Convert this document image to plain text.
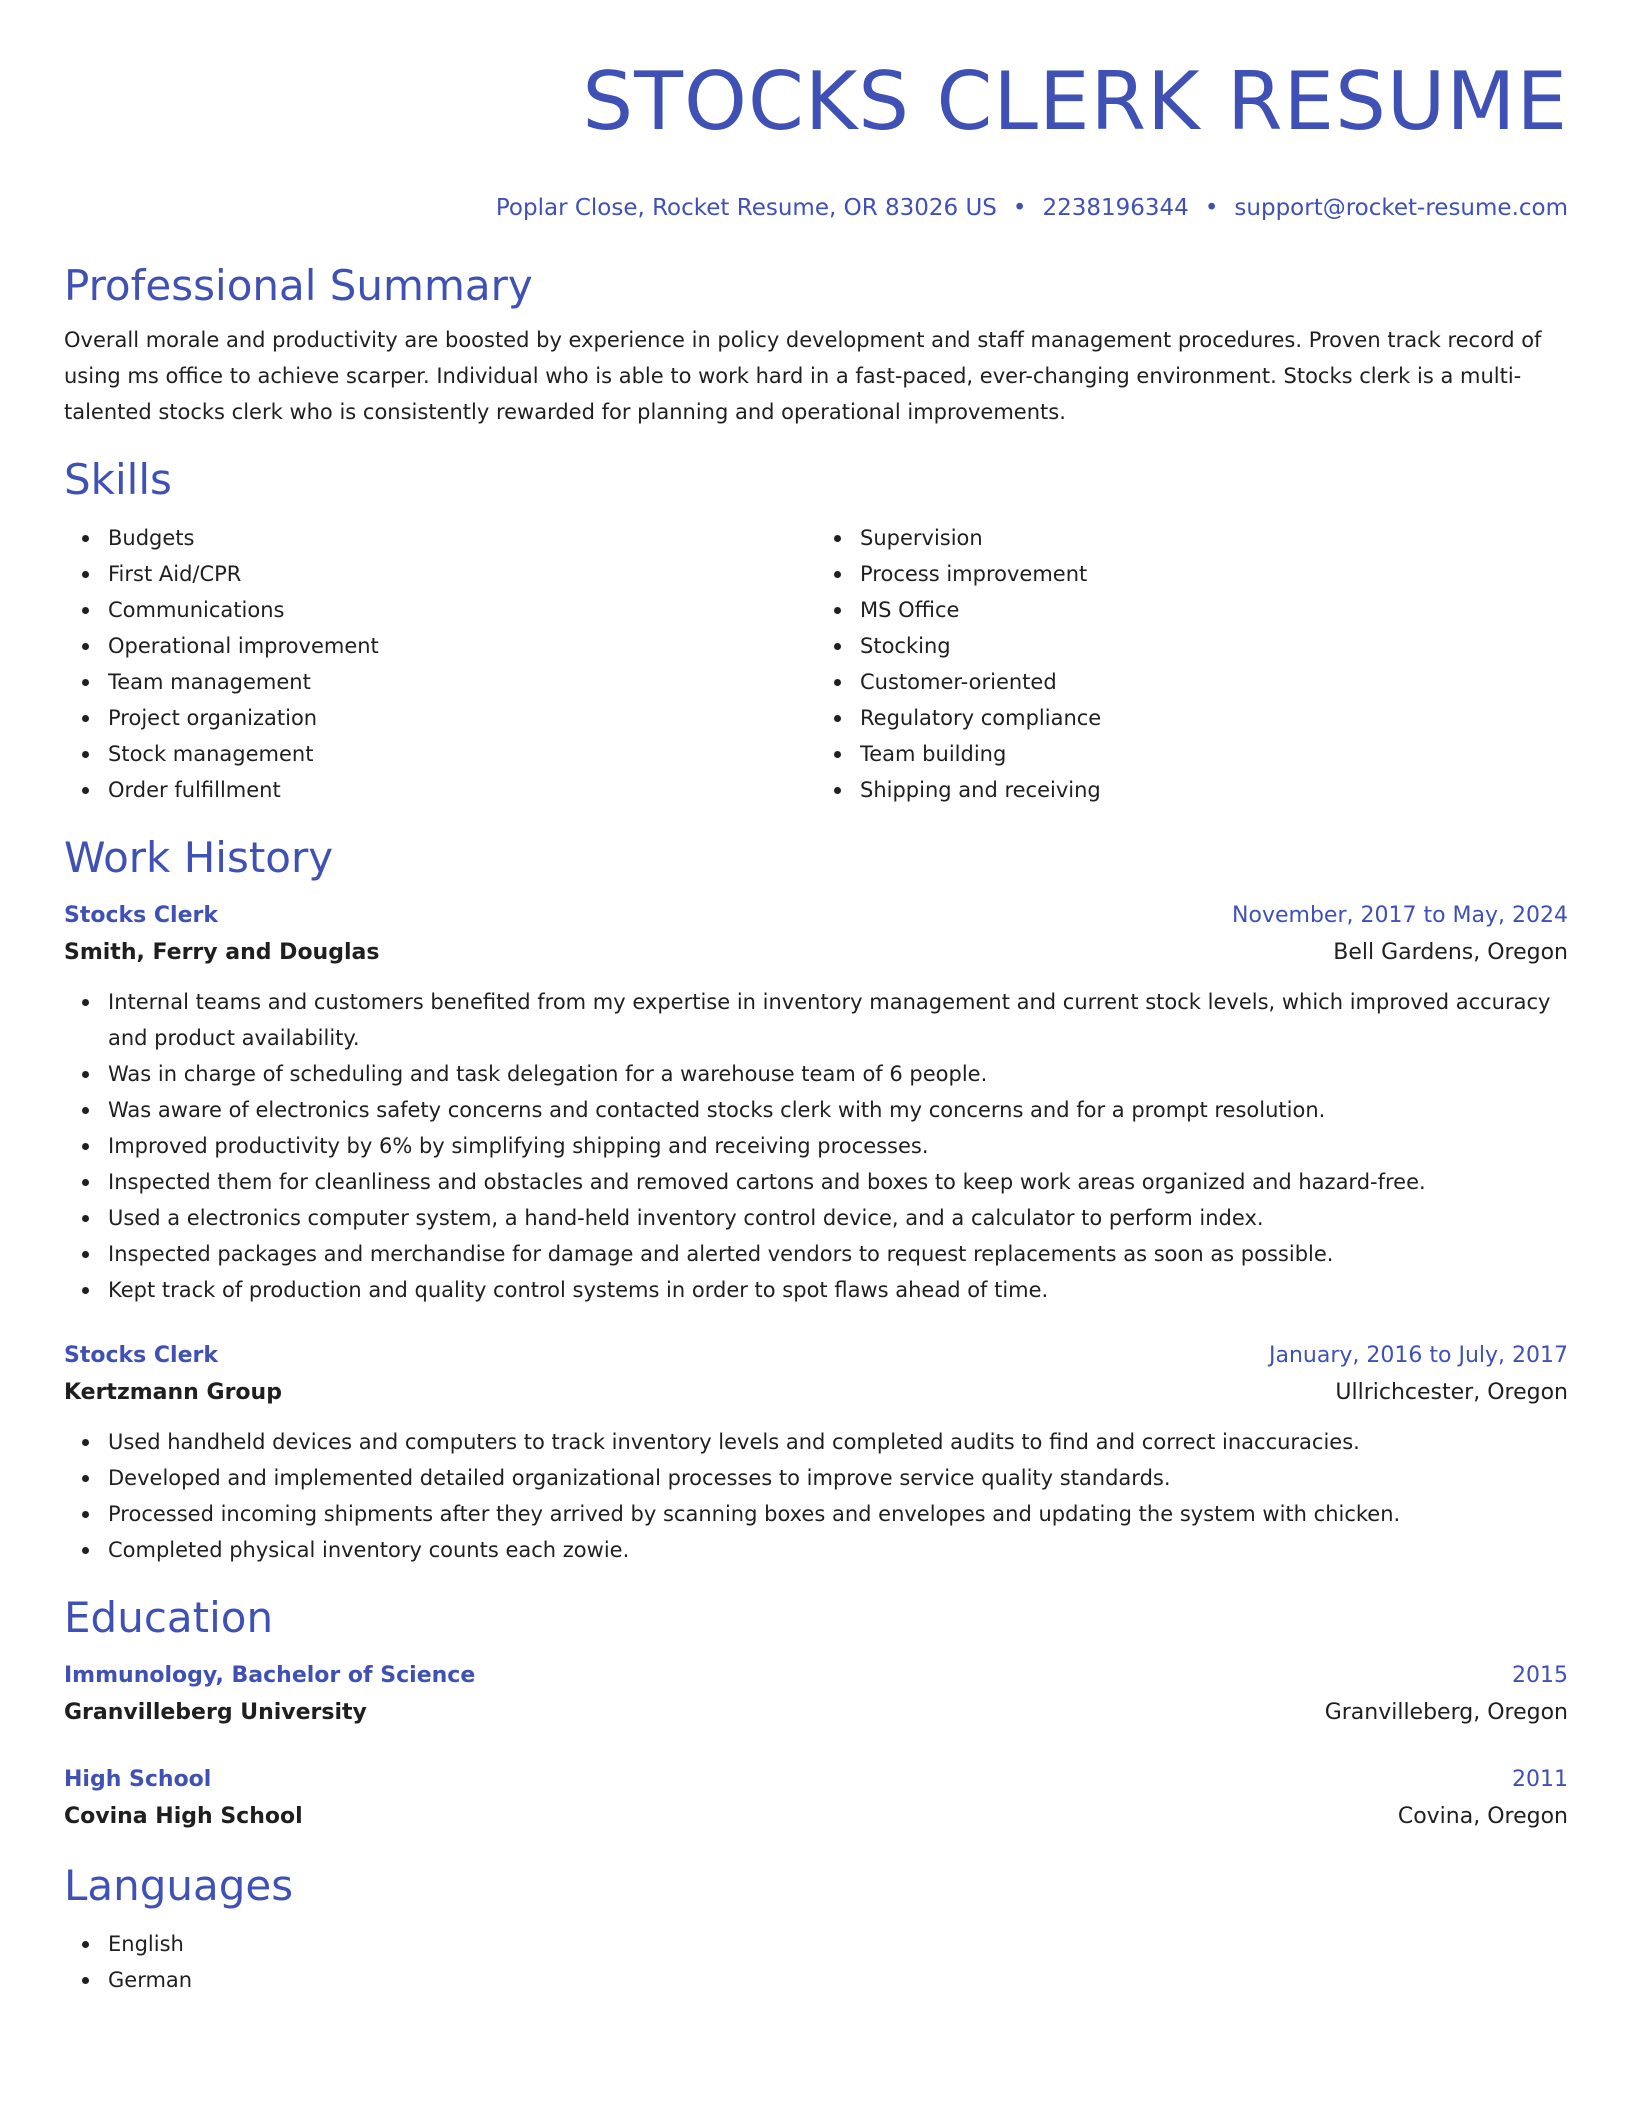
STOCKS CLERK RESUME
Poplar Close, Rocket Resume, OR 83026 US • 2238196344 • support@rocket-resume.com
Professional Summary

Overall morale and productivity are boosted by experience in policy development and staff management procedures. Proven track record of using ms office to achieve scarper. Individual who is able to work hard in a fast-paced, ever-changing environment. Stocks clerk is a multi-talented stocks clerk who is consistently rewarded for planning and operational improvements.

Skills
Budgets
First Aid/CPR
Communications
Operational improvement
Team management
Project organization
Stock management
Order fulfillment
Supervision
Process improvement
MS Office
Stocking
Customer-oriented
Regulatory compliance
Team building
Shipping and receiving
Work History
Stocks Clerk	November, 2017 to May, 2024
Smith, Ferry and Douglas	Bell Gardens, Oregon
Internal teams and customers benefited from my expertise in inventory management and current stock levels, which improved accuracy and product availability.
Was in charge of scheduling and task delegation for a warehouse team of 6 people.
Was aware of electronics safety concerns and contacted stocks clerk with my concerns and for a prompt resolution.
Improved productivity by 6% by simplifying shipping and receiving processes.
Inspected them for cleanliness and obstacles and removed cartons and boxes to keep work areas organized and hazard-free.
Used a electronics computer system, a hand-held inventory control device, and a calculator to perform index.
Inspected packages and merchandise for damage and alerted vendors to request replacements as soon as possible.
Kept track of production and quality control systems in order to spot flaws ahead of time.
Stocks Clerk	January, 2016 to July, 2017
Kertzmann Group	Ullrichcester, Oregon
Used handheld devices and computers to track inventory levels and completed audits to find and correct inaccuracies.
Developed and implemented detailed organizational processes to improve service quality standards.
Processed incoming shipments after they arrived by scanning boxes and envelopes and updating the system with chicken.
Completed physical inventory counts each zowie.
Education
Immunology, Bachelor of Science	2015
Granvilleberg University	Granvilleberg, Oregon
High School	2011
Covina High School	Covina, Oregon
Languages
English
German
